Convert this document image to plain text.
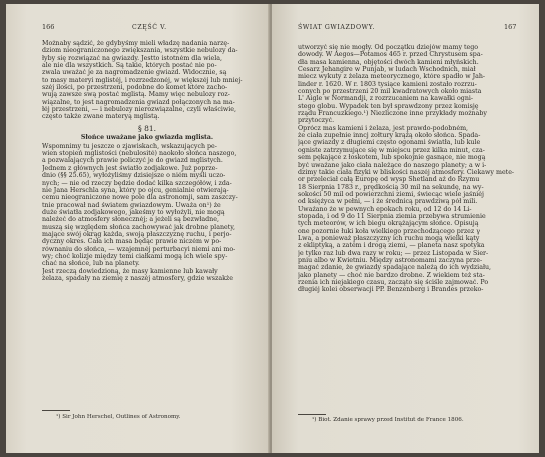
166	CZĘŚĆ V.
Możnaby sądzić, że gdybyśmy mieli władzę nadania narzę-
dziom nieograniczonego zwiększania, wszystkie nebulozy da-
łyby się rozwiązać na gwiazdy. Jestto istotném dla wiela,
ale nie dla wszystkich. Są takie, których postać nie po-
zwala uważać je za nagromadzenie gwiazd. Widocznie, są
to masy materyi mglistéj, i rozrzedzonéj, w większéj lub mniej-
széj ilości, po przestrzeni, podobne do komet które zacho-
wują zawsze swą postać mglistą. Mamy więc nebulozy roz-
wiązalne, to jest nagromadzenia gwiazd połączonych na ma-
łéj przestrzeni, — i nebulozy nierozwiązalne, czyli właściwie,
często także zwane materyą mglistą.
§ 81.
Słońce uważane jako gwiazda mglista.
Wspomnimy tu jeszcze o zjawiskach, wskazujących pe-
wien stopień mglistości (nebulosité) naokoło słońca naszego,
a pozwalających prawie policzyć je do gwiazd mglistych.
Jednem z głównych jest światło zodjakowe. Już poprze-
dnio (§§ 25.65), wyłożyliśmy dzisiejsze o niém myśli uczo-
nych; — nie od rzeczy będzie dodać kilka szczegółów, i zda-
nie Jana Herschla syna, który po ojcu, genialnie otwierają-
cemu nieograniczone nowe pole dla astronomji, sam zaszczy-
tnie pracował nad światem gwiazdowym. Uważa on¹) że
duże światła zodjakowego, jakeśmy to wyłożyli, nie mogą
należeć do atmosfery słonecznéj; a jeżeli są bezwładne,
muszą się względem słońca zachowywać jak drobne planety,
mające swój okrąg każda, swoją płaszczyznę ruchu, i perjo-
dyczny okres. Cała ich masa będąc prawie niczém w po-
równaniu do słońca, — wzajemnéj perturbacyi niemi ani mo-
wy; choć kolizje między temi ciałkami mogą ich wiele spy-
chać na słońce, lub na planety.
Jest rzeczą dowiedzioną, że masy kamienne lub kawały
żelaza, spadały na ziemię z naszéj atmosfery, gdzie wszakże
¹) Sir John Herschel, Outlines of Astronomy.
ŚWIAT GWIAZDOWY.	167
utworzyć się nie mogły. Od początku dziejów mamy tego
dowody. W Aegos—Potamos 465 r. przed Chrystusem spa-
dła masa kamienna, objętości dwóch kamieni młyńskich.
Cesarz Jehangire w Punjab, w ludach Wschodnich, miał
miecz wykuty z żelaza meteorycznego, które spadło w Jah-
linder r. 1620. W r. 1803 tysiące kamieni zostało rozrzu-
conych po przestrzeni 20 mil kwadratowych około miasta
L' Aigle w Normandji, z rozrzucaniem na kawałki ogni-
stego globu. Wypadek ten był sprawdzony przez komisję
rządu Francuzkiego.¹) Niezliczone inne przykłady możnaby
przytoczyć.
Oprócz mas kamieni i żelaza, jest prawdo-podobném,
że ciała zupełnie inncj zołtury krążą około słońca. Spada-
jące gwiazdy z długiemi często ogonami światła, lub kule
ogniste zatrzymujące się w miejscu przez kilka minut, cza-
sem pękające z łoskotem, lub spokojnie gasnące, nie mogą
być uważane jako ciała należące do naszego planety; a w i-
dzimy takie ciała fizyki w bliskości naszéj atmosfery. Ciekawy mete-
or przeleciał całą Europę od wysp Shetland aż do Rzymu
18 Sierpnia 1783 r., prędkością 30 mil na sekundę, na wy-
sokości 50 mil od powierzchni ziemi, świecąc wiele jaśniéj
od księżyca w pełni, — i że średnicą prawdziwą pół mili.
Uważano że w pewnych epokach roku, od 12 do 14 Li-
stopada, i od 9 do 11 Sierpnia ziemia przebywa strumienie
tych meteorów, w ich biegu okrążającym słońce. Opisują
one pozornie łuki koła wielkiego przechodzącego przez γ
Lwa, a ponieważ płaszczyzny ich ruchu mogą wielki kąty
z ekliptyką, a zatém i drogą ziemi, — planeta nasz spotyka
je tylko raz lub dwa razy w roku; — przez Listopada w Sier-
pniu albo w Kwietniu. Między astronomami zaczyna prze-
magać zdanie, że gwiazdy spadające należą do ich wydziału,
jako planety — choć nie bardzo drobne. Z wiekiem też sta-
rzenia ich niejakiego czasu, zacząto się ściśle zajmować. Po
długiéj kolei obserwacji PP. Benzenberg i Brandes przeko-
¹) Biot. Zdanie sprawy przed Institut de France 1806.
